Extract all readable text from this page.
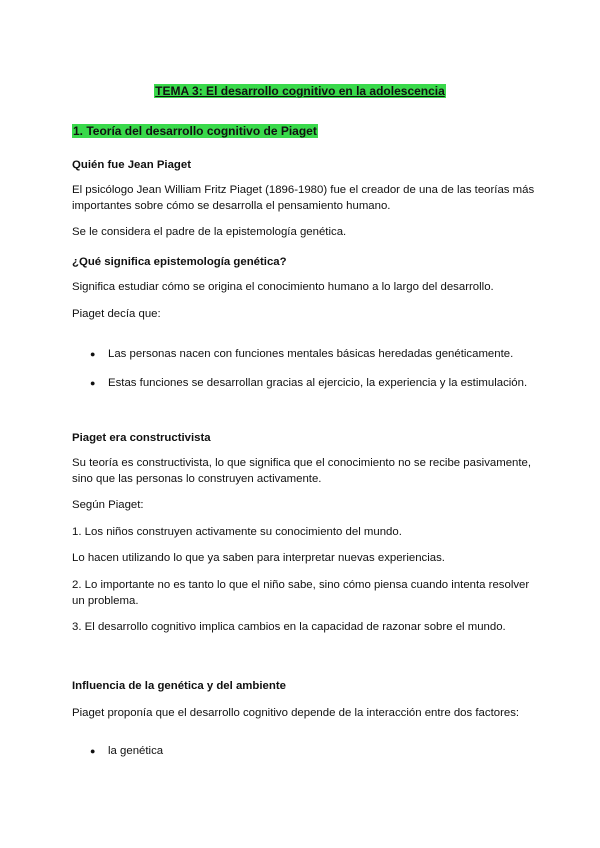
TEMA 3: El desarrollo cognitivo en la adolescencia
1. Teoría del desarrollo cognitivo de Piaget
Quién fue Jean Piaget
El psicólogo Jean William Fritz Piaget (1896-1980) fue el creador de una de las teorías más
importantes sobre cómo se desarrolla el pensamiento humano.
Se le considera el padre de la epistemología genética.
¿Qué significa epistemología genética?
Significa estudiar cómo se origina el conocimiento humano a lo largo del desarrollo.
Piaget decía que:
● Las personas nacen con funciones mentales básicas heredadas genéticamente.
● Estas funciones se desarrollan gracias al ejercicio, la experiencia y la estimulación.
Piaget era constructivista
Su teoría es constructivista, lo que significa que el conocimiento no se recibe pasivamente,
sino que las personas lo construyen activamente.
Según Piaget:
1. Los niños construyen activamente su conocimiento del mundo.
Lo hacen utilizando lo que ya saben para interpretar nuevas experiencias.
2. Lo importante no es tanto lo que el niño sabe, sino cómo piensa cuando intenta resolver
un problema.
3. El desarrollo cognitivo implica cambios en la capacidad de razonar sobre el mundo.
Influencia de la genética y del ambiente
Piaget proponía que el desarrollo cognitivo depende de la interacción entre dos factores:
● la genética
